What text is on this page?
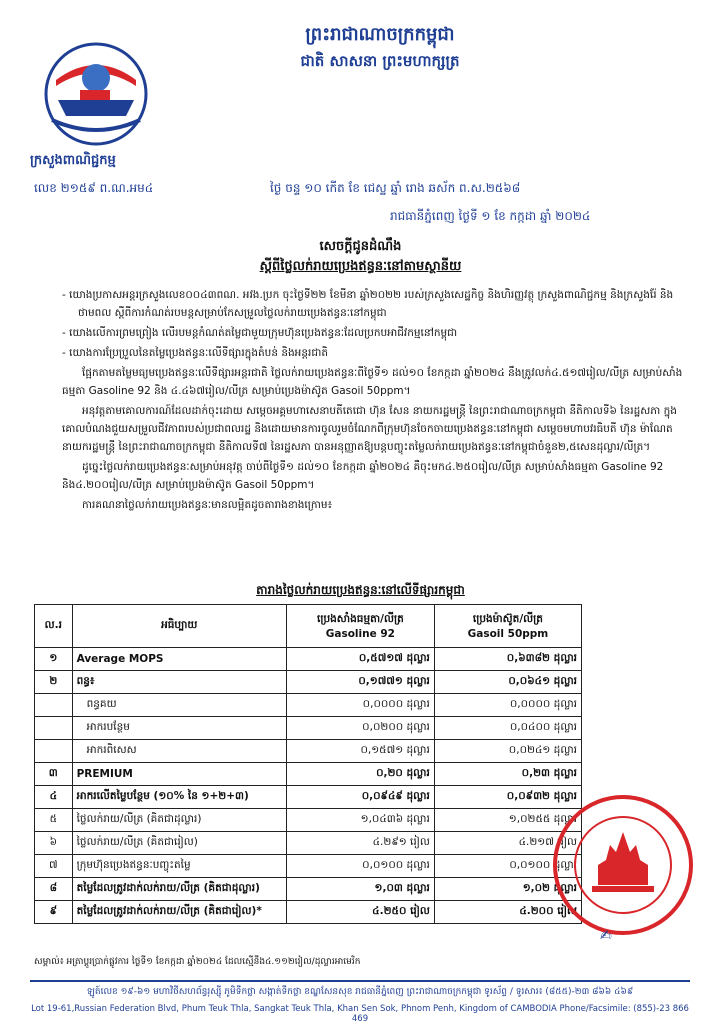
ក្រសួងពាណិជ្ជកម្ម
ព្រះរាជាណាចក្រកម្ពុជា
ជាតិ សាសនា ព្រះមហាក្សត្រ
លេខ ២១៥៩ ព.ណ.អម៤	ថ្ងៃ ចន្ទ ១០ កើត ខែ ជេស្ឋ ឆ្នាំ រោង ឆស័ក ព.ស.២៥៦៨
រាជធានីភ្នំពេញ ថ្ងៃទី ១ ខែ កក្កដា ឆ្នាំ ២០២៤
សេចក្តីជូនដំណឹង
ស្តីពីថ្លៃលក់រាយប្រេងឥន្ធនៈនៅតាមស្ថានីយ

- យោងប្រកាសអន្តរក្រសួងលេខ០០៤៣ពណ. អវង.ប្រក ចុះថ្ងៃទី២២ ខែមីនា ឆ្នាំ២០២២ របស់ក្រសួងសេដ្ឋកិច្ច និងហិរញ្ញវត្ថុ ក្រសួងពាណិជ្ជកម្ម និងក្រសួងរ៉ែ និងថាមពល ស្តីពីការកំណត់របមន្តសម្រាប់កែសម្រួលថ្លៃលក់រាយប្រេងឥន្ធនៈនៅកម្ពុជា

- យោងលើការព្រមព្រៀង លើរបមន្តកំណត់តម្លៃជាមួយក្រុមហ៊ុនប្រេងឥន្ធនៈដែលប្រកបអាជីវកម្មនៅកម្ពុជា

- យោងការប្រែប្រួលនៃតម្លៃប្រេងឥន្ធនៈលើទីផ្សារក្នុងតំបន់ និងអន្តរជាតិ

ផ្អែកតាមតម្លៃមធ្យមប្រេងឥន្ធនៈលើទីផ្សារអន្តរជាតិ ថ្លៃលក់រាយប្រេងឥន្ធនៈពីថ្ងៃទី១ ដល់១០ ខែកក្កដា ឆ្នាំ២០២៤ នឹងត្រូវលក់៤.៥១៧រៀល/លីត្រ សម្រាប់សាំងធម្មតា Gasoline 92 និង ៤.៤៦៧រៀល/លីត្រ សម្រាប់ប្រេងម៉ាស៊ូត Gasoil 50ppm។

អនុវត្តតាមគោលការណ៍ដែលដាក់ចុះដោយ សម្តេចអគ្គមហាសេនាបតីតេជោ ហ៊ុន សែន នាយករដ្ឋមន្ត្រី នៃព្រះរាជាណាចក្រកម្ពុជា នីតិកាលទី៦ នៃរដ្ឋសភា ក្នុងគោលបំណងជួយសម្រួលជីវភាពរបស់ប្រជាពលរដ្ឋ និងដោយមានការចូលរួមចំណែកពីក្រុមហ៊ុនចែកចាយប្រេងឥន្ធនៈនៅកម្ពុជា សម្តេចមហាបវរធិបតី ហ៊ុន ម៉ាណែត នាយករដ្ឋមន្ត្រី នៃព្រះរាជាណាចក្រកម្ពុជា នីតិកាលទី៧ នៃរដ្ឋសភា បានអនុញ្ញាតឱ្យបន្តបញ្ចុះតម្លៃលក់រាយប្រេងឥន្ធនៈនៅកម្ពុជាចំនួន២,៥សេនដុល្លារ/លីត្រ។

ដូច្នេះថ្លៃលក់រាយប្រេងឥន្ធនៈសម្រាប់អនុវត្ត ចាប់ពីថ្ងៃទី១ ដល់១០ ខែកក្កដា ឆ្នាំ២០២៤ គឺចុះមក៤.២៥០រៀល/លីត្រ សម្រាប់សាំងធម្មតា Gasoline 92 និង៤.២០០រៀល/លីត្រ សម្រាប់ប្រេងម៉ាស៊ូត Gasoil 50ppm។

ការគណនាថ្លៃលក់រាយប្រេងឥន្ធនៈមានលម្អិតដូចតារាងខាងក្រោម៖

តារាងថ្លៃលក់រាយប្រេងឥន្ធនៈនៅលើទីផ្សារកម្ពុជា
ល.រ	អធិប្បាយ	ប្រេងសាំងធម្មតា/លីត្រ
Gasoline 92	ប្រេងម៉ាស៊ូត/លីត្រ
Gasoil 50ppm
១	Average MOPS	០,៥៧១៧ ដុល្លារ	០,៦៣៨២ ដុល្លារ
២	ពន្ធ៖	០,១៧៧១ ដុល្លារ	០,០៦៤១ ដុល្លារ
	ពន្ធគយ	០,០០០០ ដុល្លារ	០,០០០០ ដុល្លារ
	អាករបន្ថែម	០,០២០០ ដុល្លារ	០,០៤០០ ដុល្លារ
	អាករពិសេស	០,១៥៧១ ដុល្លារ	០,០២៤១ ដុល្លារ
៣	PREMIUM	០,២០ ដុល្លារ	០,២៣ ដុល្លារ
៤	អាករលើតម្លៃបន្ថែម (១០% នៃ ១+២+៣)	០,០៩៤៩ ដុល្លារ	០,០៩៣២ ដុល្លារ
៥	ថ្លៃលក់រាយ/លីត្រ (គិតជាដុល្លារ)	១,០៤៣៦ ដុល្លារ	១,០២៥៥ ដុល្លារ
៦	ថ្លៃលក់រាយ/លីត្រ (គិតជារៀល)	៤.២៩១ រៀល	៤.២១៧ រៀល
៧	ក្រុមហ៊ុនប្រេងឥន្ធនៈបញ្ចុះតម្លៃ	០,០១០០ ដុល្លារ	០,០១០០ ដុល្លារ
៨	តម្លៃដែលត្រូវដាក់លក់រាយ/លីត្រ (គិតជាដុល្លារ)	១,០៣ ដុល្លារ	១,០២ ដុល្លារ
៩	តម្លៃដែលត្រូវដាក់លក់រាយ/លីត្រ (គិតជារៀល)*	៤.២៥០ រៀល	៤.២០០ រៀល
សម្គាល់៖ អត្រាប្តូរប្រាក់ផ្លូវការ ថ្ងៃទី១ ខែកក្កដា ឆ្នាំ២០២៤ ដែលស្មើនឹង៤.១១២រៀល/ដុល្លារអាមេរិក
✍
ឡូត៍លេខ ១៩-៦១ មហាវិថីសហព័ន្ធរុស្ស៊ី ភូមិទឹកថ្លា សង្កាត់ទឹកថ្លា ខណ្ឌសែនសុខ រាជធានីភ្នំពេញ ព្រះរាជាណាចក្រកម្ពុជា ទូរស័ព្ទ / ទូរសារ៖ (៨៥៥)-២៣ ៨៦៦ ៤៦៩
Lot 19-61,Russian Federation Blvd, Phum Teuk Thla, Sangkat Teuk Thla, Khan Sen Sok, Phnom Penh, Kingdom of CAMBODIA Phone/Facsimile: (855)-23 866 469
